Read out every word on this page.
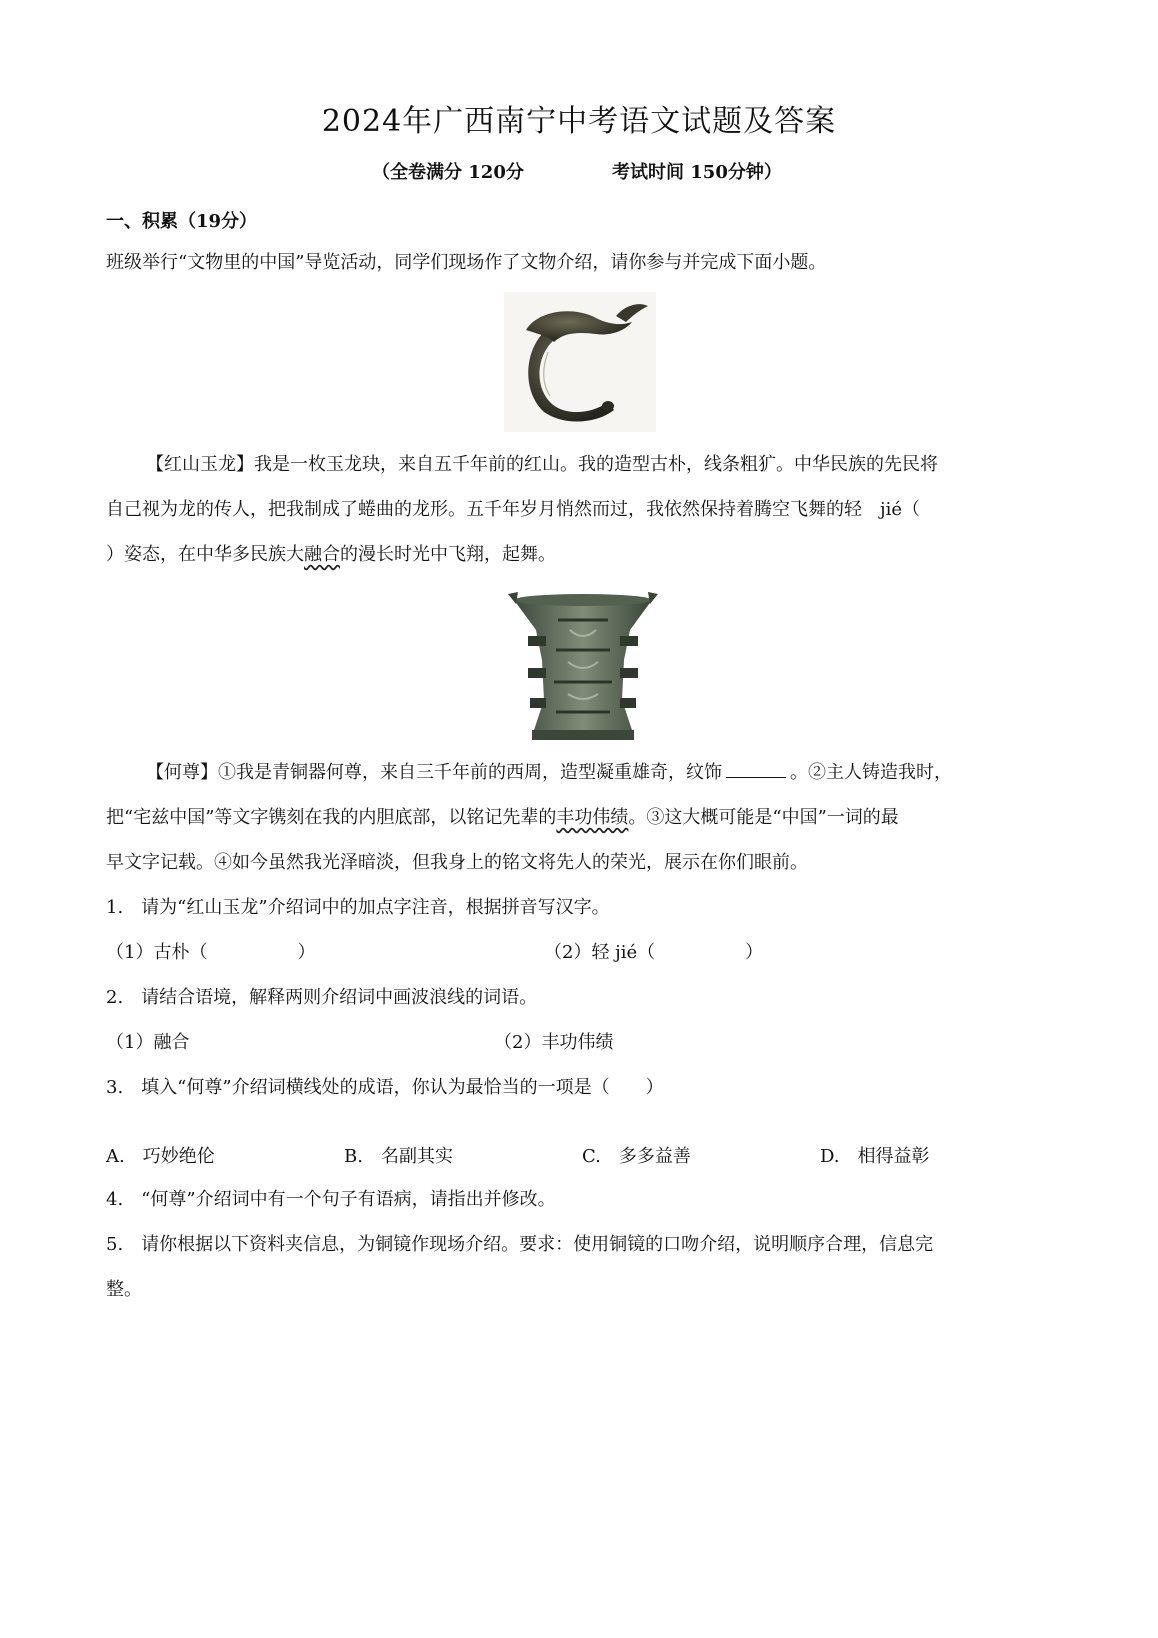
2024年广西南宁中考语文试题及答案
（全卷满分 120分	考试时间 150分钟）
一、积累（19分）
班级举行“文物里的中国”导览活动，同学们现场作了文物介绍，请你参与并完成下面小题。
【红山玉龙】我是一枚玉龙玦，来自五千年前的红山。我的造型古朴，线条粗犷。中华民族的先民将
自己视为龙的传人，把我制成了蜷曲的龙形。五千年岁月悄然而过，我依然保持着腾空飞舞的轻　jié（
）姿态，在中华多民族大融合的漫长时光中飞翔，起舞。
【何尊】①我是青铜器何尊，来自三千年前的西周，造型凝重雄奇，纹饰	。②主人铸造我时，
把“宅兹中国”等文字镌刻在我的内胆底部，以铭记先辈的丰功伟绩。③这大概可能是“中国”一词的最
早文字记载。④如今虽然我光泽暗淡，但我身上的铭文将先人的荣光，展示在你们眼前。
1.　请为“红山玉龙”介绍词中的加点字注音，根据拼音写汉字。
（1）古朴（　　　　　）	（2）轻 jié（　　　　　）
2.　请结合语境，解释两则介绍词中画波浪线的词语。
（1）融合	（2）丰功伟绩
3.　填入“何尊”介绍词横线处的成语，你认为最恰当的一项是（　　）
A.　巧妙绝伦	B.　名副其实	C.　多多益善	D.　相得益彰
4.　“何尊”介绍词中有一个句子有语病，请指出并修改。
5.　请你根据以下资料夹信息，为铜镜作现场介绍。要求：使用铜镜的口吻介绍，说明顺序合理，信息完
整。
